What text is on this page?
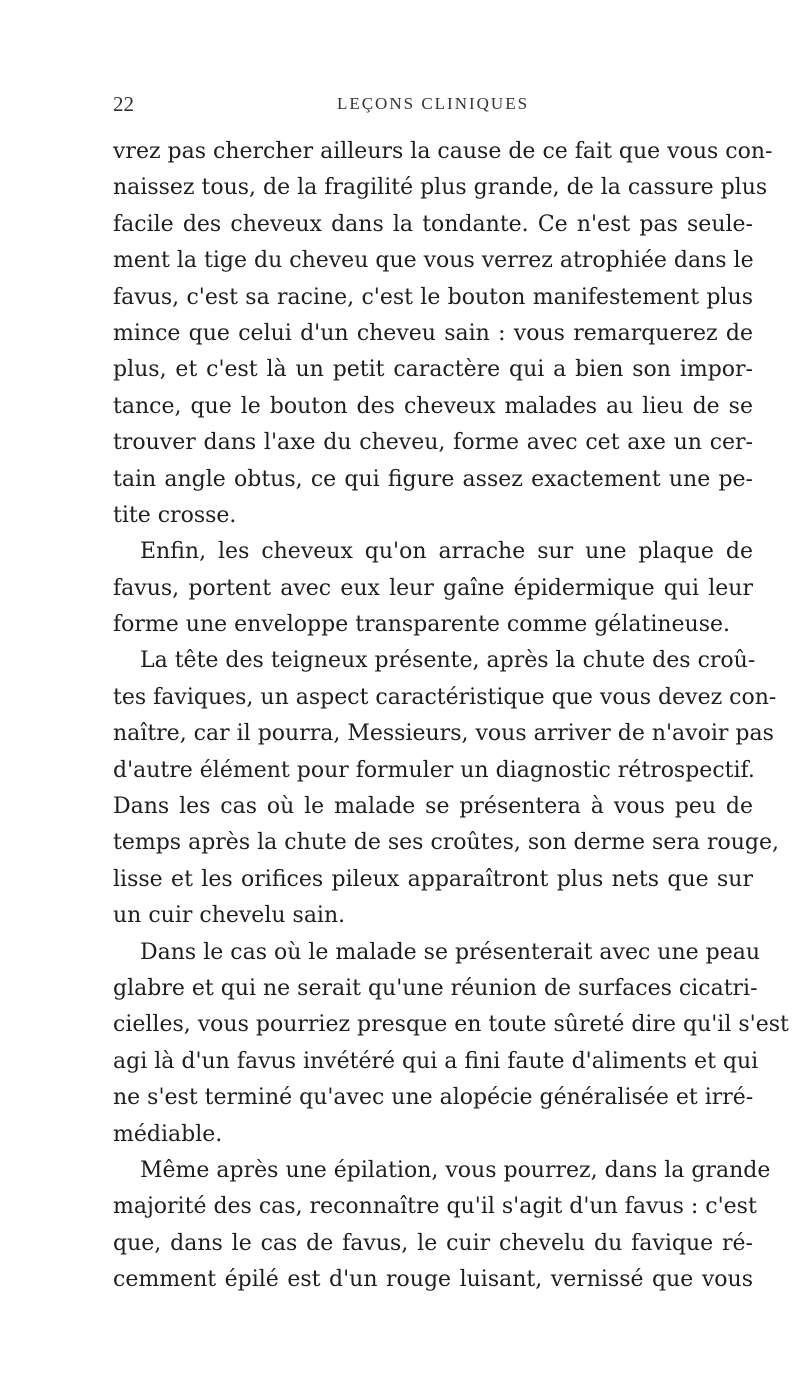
22	LEÇONS CLINIQUES
vrez pas chercher ailleurs la cause de ce fait que vous con-
naissez tous, de la fragilité plus grande, de la cassure plus
facile des cheveux dans la tondante. Ce n'est pas seule-
ment la tige du cheveu que vous verrez atrophiée dans le
favus, c'est sa racine, c'est le bouton manifestement plus
mince que celui d'un cheveu sain : vous remarquerez de
plus, et c'est là un petit caractère qui a bien son impor-
tance, que le bouton des cheveux malades au lieu de se
trouver dans l'axe du cheveu, forme avec cet axe un cer-
tain angle obtus, ce qui figure assez exactement une pe-
tite crosse.
Enfin, les cheveux qu'on arrache sur une plaque de
favus, portent avec eux leur gaîne épidermique qui leur
forme une enveloppe transparente comme gélatineuse.
La tête des teigneux présente, après la chute des croû-
tes faviques, un aspect caractéristique que vous devez con-
naître, car il pourra, Messieurs, vous arriver de n'avoir pas
d'autre élément pour formuler un diagnostic rétrospectif.
Dans les cas où le malade se présentera à vous peu de
temps après la chute de ses croûtes, son derme sera rouge,
lisse et les orifices pileux apparaîtront plus nets que sur
un cuir chevelu sain.
Dans le cas où le malade se présenterait avec une peau
glabre et qui ne serait qu'une réunion de surfaces cicatri-
cielles, vous pourriez presque en toute sûreté dire qu'il s'est
agi là d'un favus invétéré qui a fini faute d'aliments et qui
ne s'est terminé qu'avec une alopécie généralisée et irré-
médiable.
Même après une épilation, vous pourrez, dans la grande
majorité des cas, reconnaître qu'il s'agit d'un favus : c'est
que, dans le cas de favus, le cuir chevelu du favique ré-
cemment épilé est d'un rouge luisant, vernissé que vous
